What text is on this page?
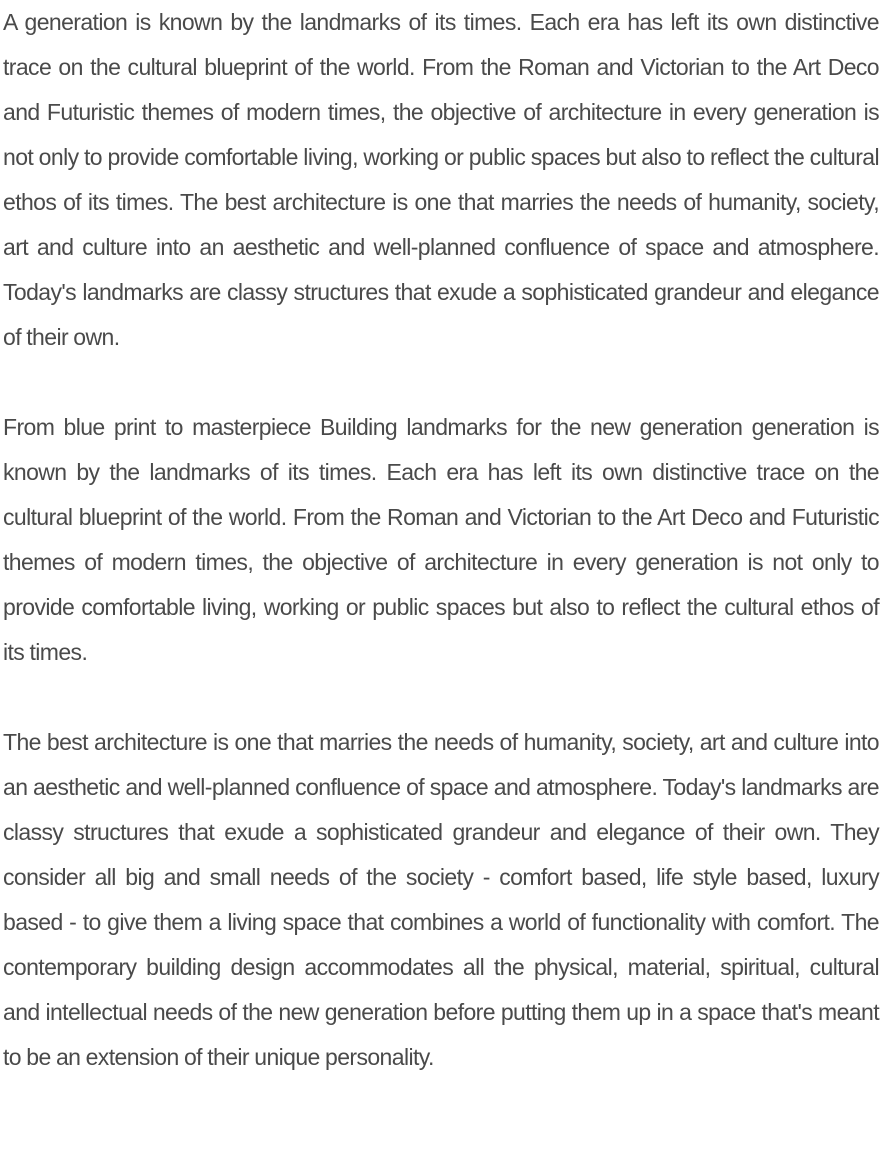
A generation is known by the landmarks of its times. Each era has left its own distinctive trace on the cultural blueprint of the world. From the Roman and Victorian to the Art Deco and Futuristic themes of modern times, the objective of architecture in every generation is not only to provide comfortable living, working or public spaces but also to reflect the cultural ethos of its times. The best architecture is one that marries the needs of humanity, society, art and culture into an aesthetic and well-planned confluence of space and atmosphere. Today's landmarks are classy structures that exude a sophisticated grandeur and elegance of their own.

From blue print to masterpiece Building landmarks for the new generation generation is known by the landmarks of its times. Each era has left its own distinctive trace on the cultural blueprint of the world. From the Roman and Victorian to the Art Deco and Futuristic themes of modern times, the objective of architecture in every generation is not only to provide comfortable living, working or public spaces but also to reflect the cultural ethos of its times.

The best architecture is one that marries the needs of humanity, society, art and culture into an aesthetic and well-planned confluence of space and atmosphere. Today's landmarks are classy structures that exude a sophisticated grandeur and elegance of their own. They consider all big and small needs of the society - comfort based, life style based, luxury based - to give them a living space that combines a world of functionality with comfort. The contemporary building design accommodates all the physical, material, spiritual, cultural and intellectual needs of the new generation before putting them up in a space that's meant to be an extension of their unique personality.
